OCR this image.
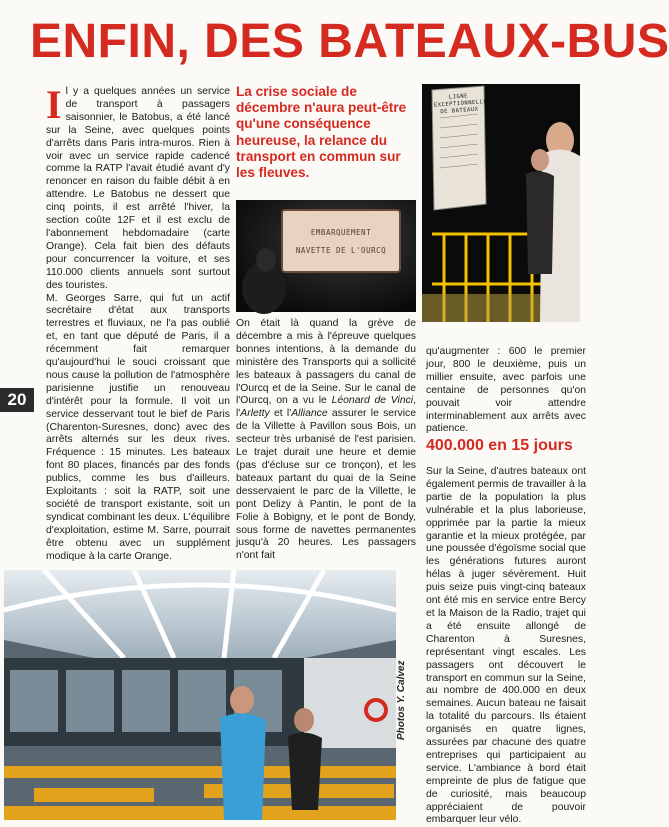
ENFIN, DES BATEAUX-BUS
20
I l y a quelques années un service de transport à passagers saisonnier, le Batobus, a été lancé sur la Seine, avec quelques points d'arrêts dans Paris intra-muros. Rien à voir avec un service rapide cadencé comme la RATP l'avait étudié avant d'y renoncer en raison du faible débit à en attendre. Le Batobus ne dessert que cinq points, il est arrêté l'hiver, la section coûte 12F et il est exclu de l'abonnement hebdomadaire (carte Orange). Cela fait bien des défauts pour concurrencer la voiture, et ses 110.000 clients annuels sont surtout des touristes.

M. Georges Sarre, qui fut un actif secrétaire d'état aux transports terrestres et fluviaux, ne l'a pas oublié et, en tant que député de Paris, il a récemment fait remarquer qu'aujourd'hui le souci croissant que nous cause la pollution de l'atmosphère parisienne justifie un renouveau d'intérêt pour la formule. Il voit un service desservant tout le bief de Paris (Charenton-Suresnes, donc) avec des arrêts alternés sur les deux rives. Fréquence : 15 minutes. Les bateaux font 80 places, financés par des fonds publics, comme les bus d'ailleurs. Exploitants : soit la RATP, soit une société de transport existante, soit un syndicat combinant les deux. L'équilibre d'exploitation, estime M. Sarre, pourrait être obtenu avec un supplément modique à la carte Orange.

La crise sociale de décembre n'aura peut-être qu'une conséquence heureuse, la relance du transport en commun sur les fleuves.
EMBARQUEMENT
NAVETTE DE L'OURCQ
LIGNE EXCEPTIONNELLE DE BATEAUX

On était là quand la grève de décembre a mis à l'épreuve quelques bonnes intentions, à la demande du ministère des Transports qui a sollicité les bateaux à passagers du canal de l'Ourcq et de la Seine. Sur le canal de l'Ourcq, on a vu le Léonard de Vinci, l'Arletty et l'Alliance assurer le service de la Villette à Pavillon sous Bois, un secteur très urbanisé de l'est parisien. Le trajet durait une heure et demie (pas d'écluse sur ce tronçon), et les bateaux partant du quai de la Seine desservaient le parc de la Villette, le pont Delizy à Pantin, le pont de la Folie à Bobigny, et le pont de Bondy, sous forme de navettes permanentes jusqu'à 20 heures. Les passagers n'ont fait

qu'augmenter : 600 le premier jour, 800 le deuxième, puis un millier ensuite, avec parfois une centaine de personnes qu'on pouvait voir attendre interminablement aux arrêts avec patience.

400.000 en 15 jours

Sur la Seine, d'autres bateaux ont également permis de travailler à la partie de la population la plus vulnérable et la plus laborieuse, opprimée par la partie la mieux garantie et la mieux protégée, par une poussée d'égoïsme social que les générations futures auront hélas à juger sévèrement. Huit puis seize puis vingt-cinq bateaux ont été mis en service entre Bercy et la Maison de la Radio, trajet qui a été ensuite allongé de Charenton à Suresnes, représentant vingt escales. Les passagers ont découvert le transport en commun sur la Seine, au nombre de 400.000 en deux semaines. Aucun bateau ne faisait la totalité du parcours. Ils étaient organisés en quatre lignes, assurées par chacune des quatre entreprises qui participaient au service. L'ambiance à bord était empreinte de plus de fatigue que de curiosité, mais beaucoup appréciaient de pouvoir embarquer leur vélo.

Photos Y. Calvez
